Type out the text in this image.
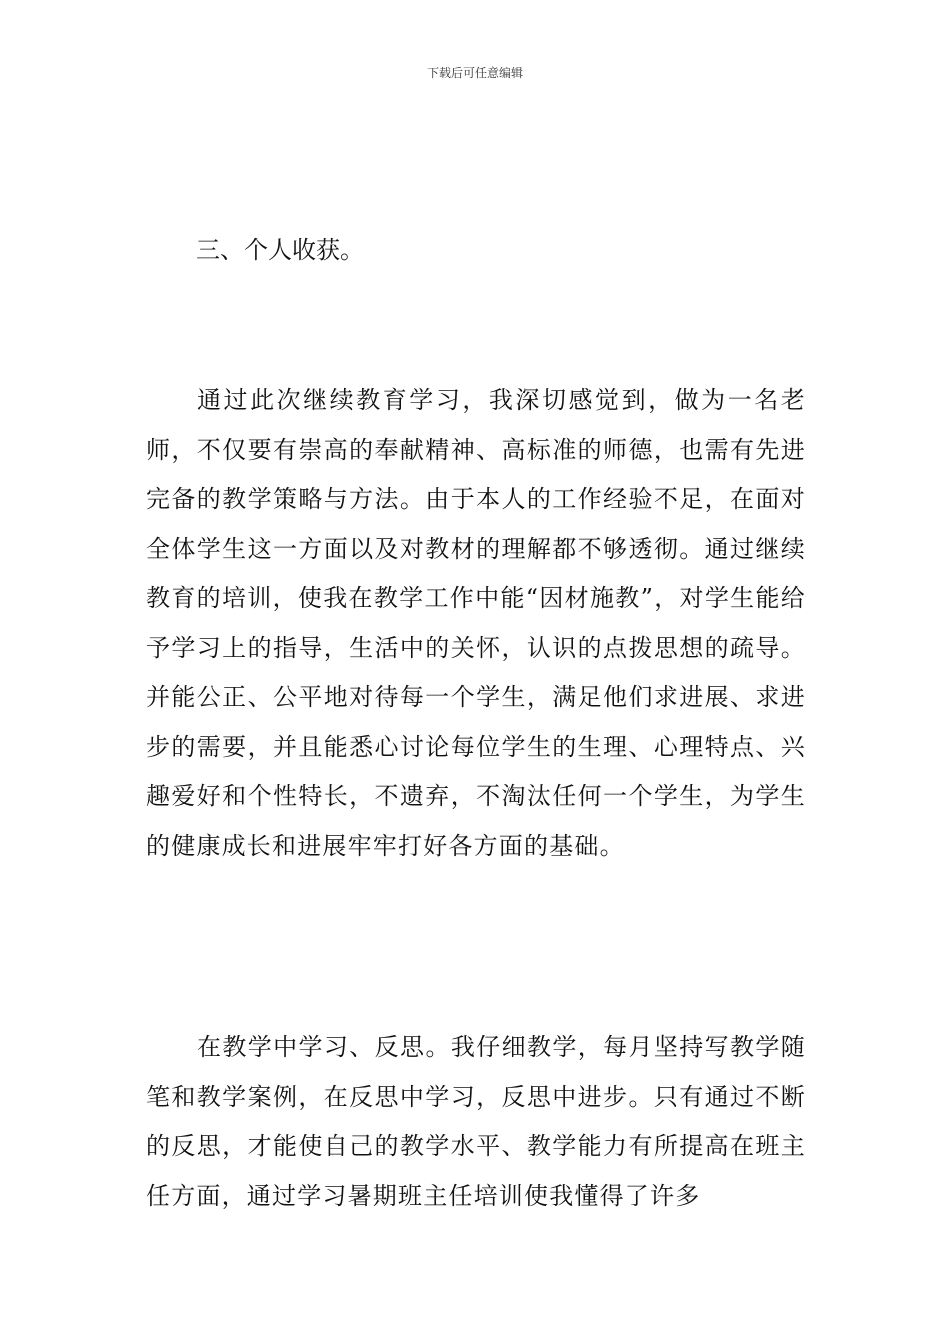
下载后可任意编辑
三、个人收获。

通过此次继续教育学习，我深切感觉到，做为一名老师，不仅要有崇高的奉献精神、高标准的师德，也需有先进完备的教学策略与方法。由于本人的工作经验不足，在面对全体学生这一方面以及对教材的理解都不够透彻。通过继续教育的培训，使我在教学工作中能“因材施教”，对学生能给予学习上的指导，生活中的关怀，认识的点拨思想的疏导。并能公正、公平地对待每一个学生，满足他们求进展、求进步的需要，并且能悉心讨论每位学生的生理、心理特点、兴趣爱好和个性特长，不遗弃，不淘汰任何一个学生，为学生的健康成长和进展牢牢打好各方面的基础。

在教学中学习、反思。我仔细教学，每月坚持写教学随笔和教学案例，在反思中学习，反思中进步。只有通过不断的反思，才能使自己的教学水平、教学能力有所提高在班主任方面，通过学习暑期班主任培训使我懂得了许多
